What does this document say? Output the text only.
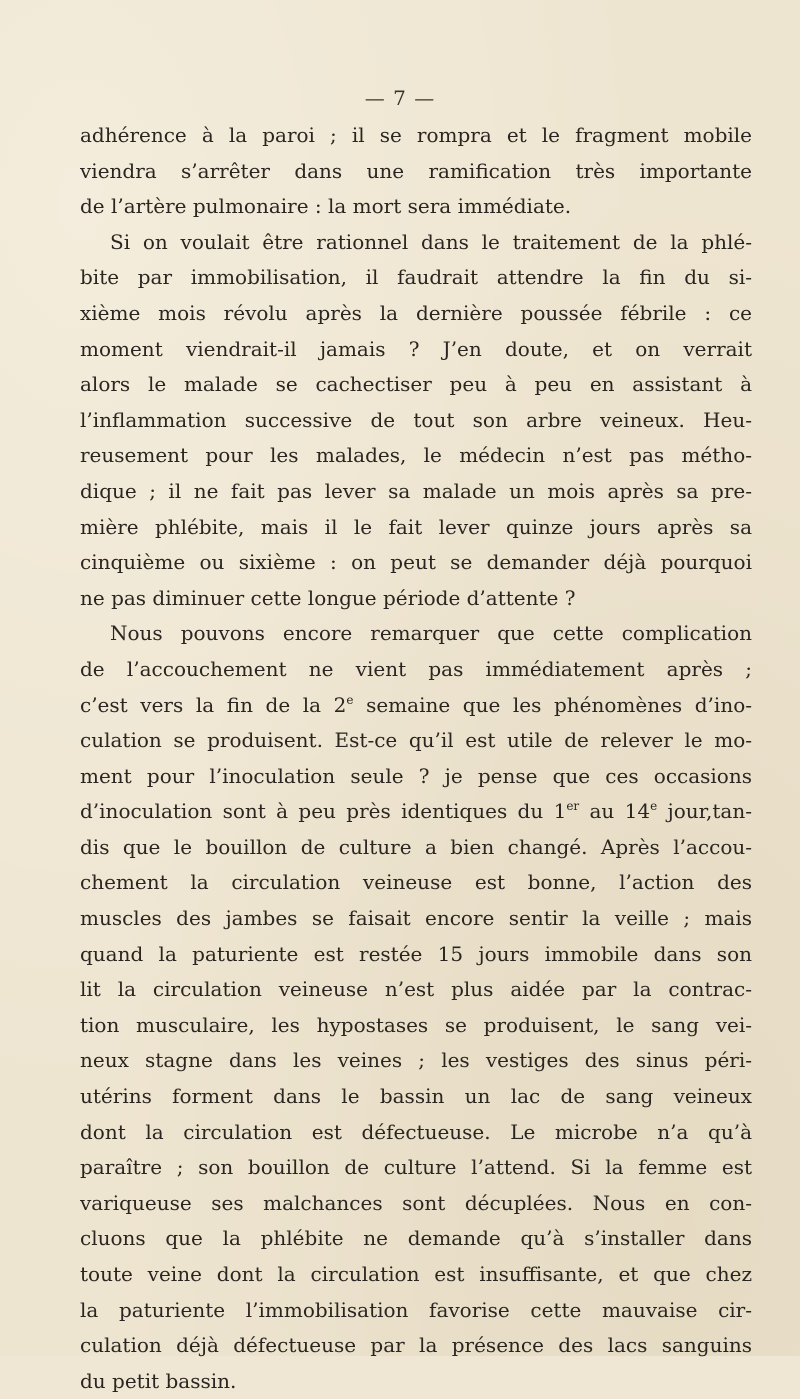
— 7 —
adhérence à la paroi ; il se rompra et le fragment mobile
viendra s’arrêter dans une ramification très importante
de l’artère pulmonaire : la mort sera immédiate.
Si on voulait être rationnel dans le traitement de la phlé-
bite par immobilisation, il faudrait attendre la fin du si-
xième mois révolu après la dernière poussée fébrile : ce
moment viendrait-il jamais ? J’en doute, et on verrait
alors le malade se cachectiser peu à peu en assistant à
l’inflammation successive de tout son arbre veineux. Heu-
reusement pour les malades, le médecin n’est pas métho-
dique ; il ne fait pas lever sa malade un mois après sa pre-
mière phlébite, mais il le fait lever quinze jours après sa
cinquième ou sixième : on peut se demander déjà pourquoi
ne pas diminuer cette longue période d’attente ?
Nous pouvons encore remarquer que cette complication
de l’accouchement ne vient pas immédiatement après ;
c’est vers la fin de la 2e semaine que les phénomènes d’ino-
culation se produisent. Est-ce qu’il est utile de relever le mo-
ment pour l’inoculation seule ? je pense que ces occasions
d’inoculation sont à peu près identiques du 1er au 14e jour,tan-
dis que le bouillon de culture a bien changé. Après l’accou-
chement la circulation veineuse est bonne, l’action des
muscles des jambes se faisait encore sentir la veille ; mais
quand la paturiente est restée 15 jours immobile dans son
lit la circulation veineuse n’est plus aidée par la contrac-
tion musculaire, les hypostases se produisent, le sang vei-
neux stagne dans les veines ; les vestiges des sinus péri-
utérins forment dans le bassin un lac de sang veineux
dont la circulation est défectueuse. Le microbe n’a qu’à
paraître ; son bouillon de culture l’attend. Si la femme est
variqueuse ses malchances sont décuplées. Nous en con-
cluons que la phlébite ne demande qu’à s’installer dans
toute veine dont la circulation est insuffisante, et que chez
la paturiente l’immobilisation favorise cette mauvaise cir-
culation déjà défectueuse par la présence des lacs sanguins
du petit bassin.
